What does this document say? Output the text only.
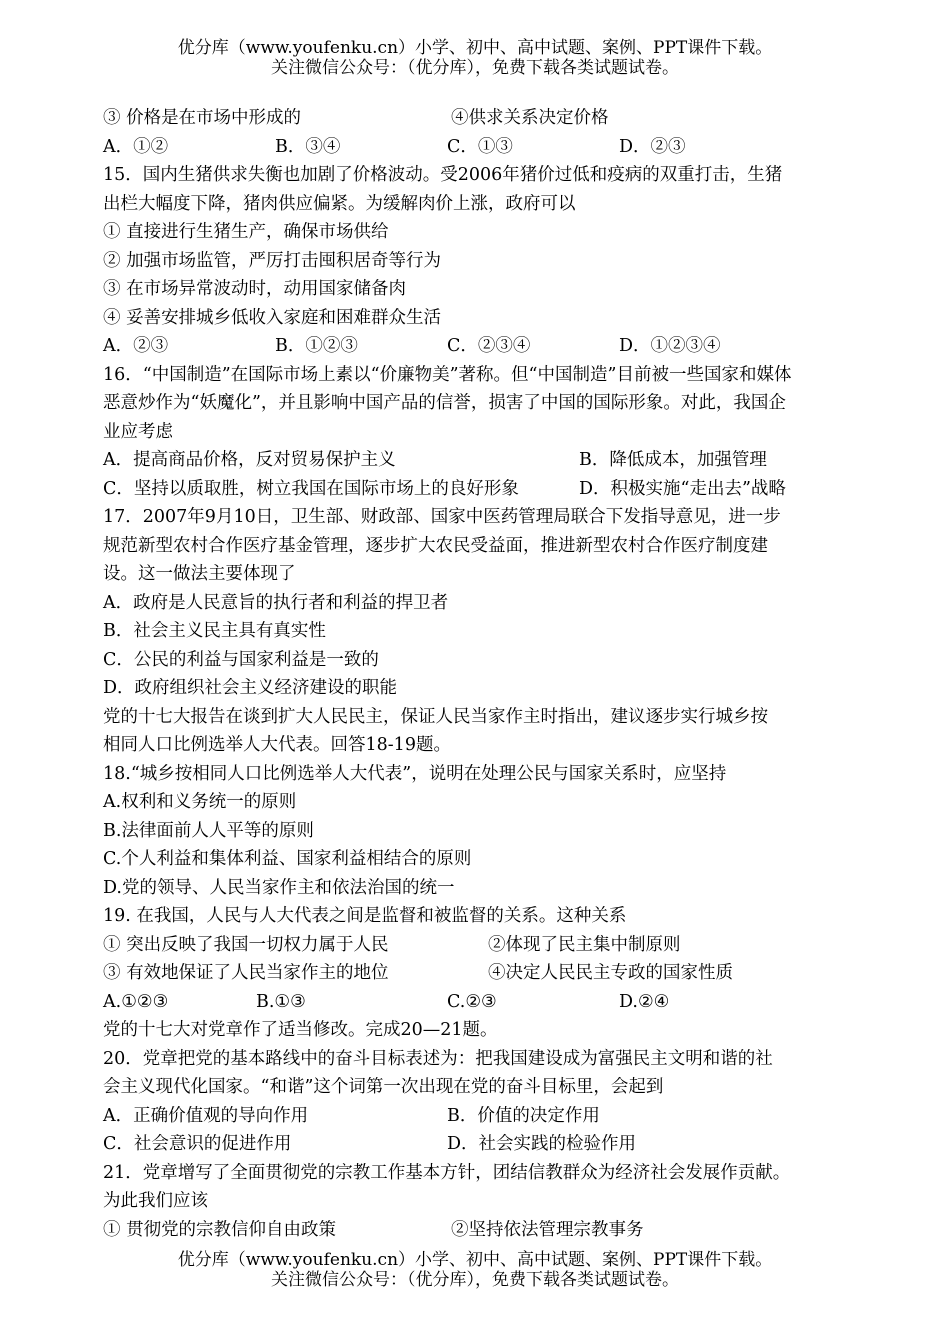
优分库（www.youfenku.cn）小学、初中、高中试题、案例、PPT课件下载。
关注微信公众号：（优分库），免费下载各类试题试卷。
③ 价格是在市场中形成的	④供求关系决定价格
A．①②	B．③④	C．①③	D．②③
15．国内生猪供求失衡也加剧了价格波动。受2006年猪价过低和疫病的双重打击，生猪
出栏大幅度下降，猪肉供应偏紧。为缓解肉价上涨，政府可以
① 直接进行生猪生产，确保市场供给
② 加强市场监管，严厉打击囤积居奇等行为
③ 在市场异常波动时，动用国家储备肉
④ 妥善安排城乡低收入家庭和困难群众生活
A．②③	B．①②③	C．②③④	D．①②③④
16．“中国制造”在国际市场上素以“价廉物美”著称。但“中国制造”目前被一些国家和媒体
恶意炒作为“妖魔化”，并且影响中国产品的信誉，损害了中国的国际形象。对此，我国企
业应考虑
A．提高商品价格，反对贸易保护主义	B．降低成本，加强管理
C．坚持以质取胜，树立我国在国际市场上的良好形象	D．积极实施“走出去”战略
17．2007年9月10日，卫生部、财政部、国家中医药管理局联合下发指导意见，进一步
规范新型农村合作医疗基金管理，逐步扩大农民受益面，推进新型农村合作医疗制度建
设。这一做法主要体现了
A．政府是人民意旨的执行者和利益的捍卫者
B．社会主义民主具有真实性
C．公民的利益与国家利益是一致的
D．政府组织社会主义经济建设的职能
党的十七大报告在谈到扩大人民民主，保证人民当家作主时指出，建议逐步实行城乡按
相同人口比例选举人大代表。回答18-19题。
18.“城乡按相同人口比例选举人大代表”，说明在处理公民与国家关系时，应坚持
A.权利和义务统一的原则
B.法律面前人人平等的原则
C.个人利益和集体利益、国家利益相结合的原则
D.党的领导、人民当家作主和依法治国的统一
19. 在我国，人民与人大代表之间是监督和被监督的关系。这种关系
① 突出反映了我国一切权力属于人民	②体现了民主集中制原则
③ 有效地保证了人民当家作主的地位	④决定人民民主专政的国家性质
A.①②③	B.①③	C.②③	D.②④
党的十七大对党章作了适当修改。完成20—21题。
20．党章把党的基本路线中的奋斗目标表述为：把我国建设成为富强民主文明和谐的社
会主义现代化国家。“和谐”这个词第一次出现在党的奋斗目标里，会起到
A．正确价值观的导向作用	B．价值的决定作用
C．社会意识的促进作用	D．社会实践的检验作用
21．党章增写了全面贯彻党的宗教工作基本方针，团结信教群众为经济社会发展作贡献。
为此我们应该
① 贯彻党的宗教信仰自由政策	②坚持依法管理宗教事务
优分库（www.youfenku.cn）小学、初中、高中试题、案例、PPT课件下载。
关注微信公众号：（优分库），免费下载各类试题试卷。
